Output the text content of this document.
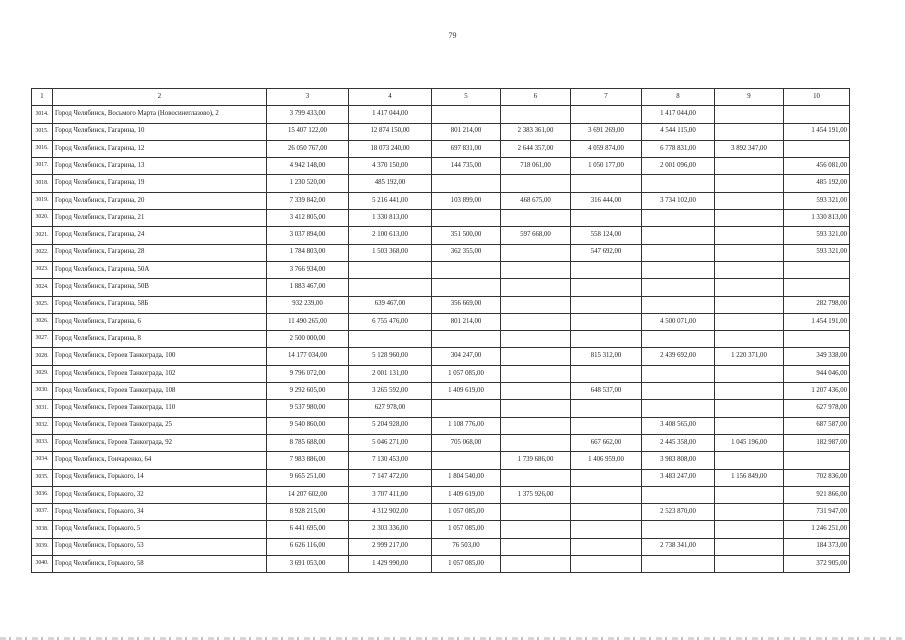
79
1	2	3	4	5	6	7	8	9	10
3014.	Город Челябинск, Восьмого Марта (Новосинеглазово), 2	3 799 433,00	1 417 044,00				1 417 044,00		
3015.	Город Челябинск, Гагарина, 10	15 407 122,00	12 874 150,00	801 214,00	2 383 361,00	3 691 269,00	4 544 115,00		1 454 191,00
3016.	Город Челябинск, Гагарина, 12	26 050 767,00	18 073 240,00	697 831,00	2 644 357,00	4 059 874,00	6 778 831,00	3 892 347,00	
3017.	Город Челябинск, Гагарина, 13	4 942 148,00	4 370 150,00	144 735,00	718 061,00	1 050 177,00	2 001 096,00		456 081,00
3018.	Город Челябинск, Гагарина, 19	1 230 520,00	485 192,00						485 192,00
3019.	Город Челябинск, Гагарина, 20	7 339 842,00	5 216 441,00	103 899,00	468 675,00	316 444,00	3 734 102,00		593 321,00
3020.	Город Челябинск, Гагарина, 21	3 412 805,00	1 330 813,00						1 330 813,00
3021.	Город Челябинск, Гагарина, 24	3 037 894,00	2 100 613,00	351 500,00	597 668,00	558 124,00			593 321,00
3022.	Город Челябинск, Гагарина, 28	1 784 803,00	1 503 368,00	362 355,00		547 692,00			593 321,00
3023.	Город Челябинск, Гагарина, 50А	3 766 934,00							
3024.	Город Челябинск, Гагарина, 50В	1 883 467,00							
3025.	Город Челябинск, Гагарина, 58Б	932 239,00	639 467,00	356 669,00					282 798,00
3026.	Город Челябинск, Гагарина, 6	11 490 265,00	6 755 476,00	801 214,00			4 500 071,00		1 454 191,00
3027.	Город Челябинск, Гагарина, 8	2 500 000,00							
3028.	Город Челябинск, Героев Танкограда, 100	14 177 034,00	5 128 960,00	304 247,00		815 312,00	2 439 692,00	1 220 371,00	349 338,00
3029.	Город Челябинск, Героев Танкограда, 102	9 796 072,00	2 001 131,00	1 057 085,00					944 046,00
3030.	Город Челябинск, Героев Танкограда, 108	9 292 605,00	3 265 592,00	1 409 619,00		648 537,00			1 207 436,00
3031.	Город Челябинск, Героев Танкограда, 110	9 537 980,00	627 978,00						627 978,00
3032.	Город Челябинск, Героев Танкограда, 25	9 540 860,00	5 204 928,00	1 108 776,00			3 408 565,00		687 587,00
3033.	Город Челябинск, Героев Танкограда, 92	8 785 688,00	5 046 271,00	705 068,00		667 662,00	2 445 358,00	1 045 196,00	182 987,00
3034.	Город Челябинск, Гончаренко, 64	7 983 886,00	7 130 453,00		1 739 686,00	1 406 959,00	3 983 808,00		
3035.	Город Челябинск, Горького, 14	9 665 251,00	7 147 472,00	1 804 540,00			3 483 247,00	1 156 849,00	702 836,00
3036.	Город Челябинск, Горького, 32	14 207 602,00	3 707 411,00	1 409 619,00	1 375 926,00				921 866,00
3037.	Город Челябинск, Горького, 34	8 928 215,00	4 312 902,00	1 057 085,00			2 523 870,00		731 947,00
3038.	Город Челябинск, Горького, 5	6 441 695,00	2 303 336,00	1 057 085,00					1 246 251,00
3039.	Город Челябинск, Горького, 53	6 626 116,00	2 999 217,00	76 503,00			2 738 341,00		184 373,00
3040.	Город Челябинск, Горького, 58	3 691 053,00	1 429 990,00	1 057 085,00					372 905,00
